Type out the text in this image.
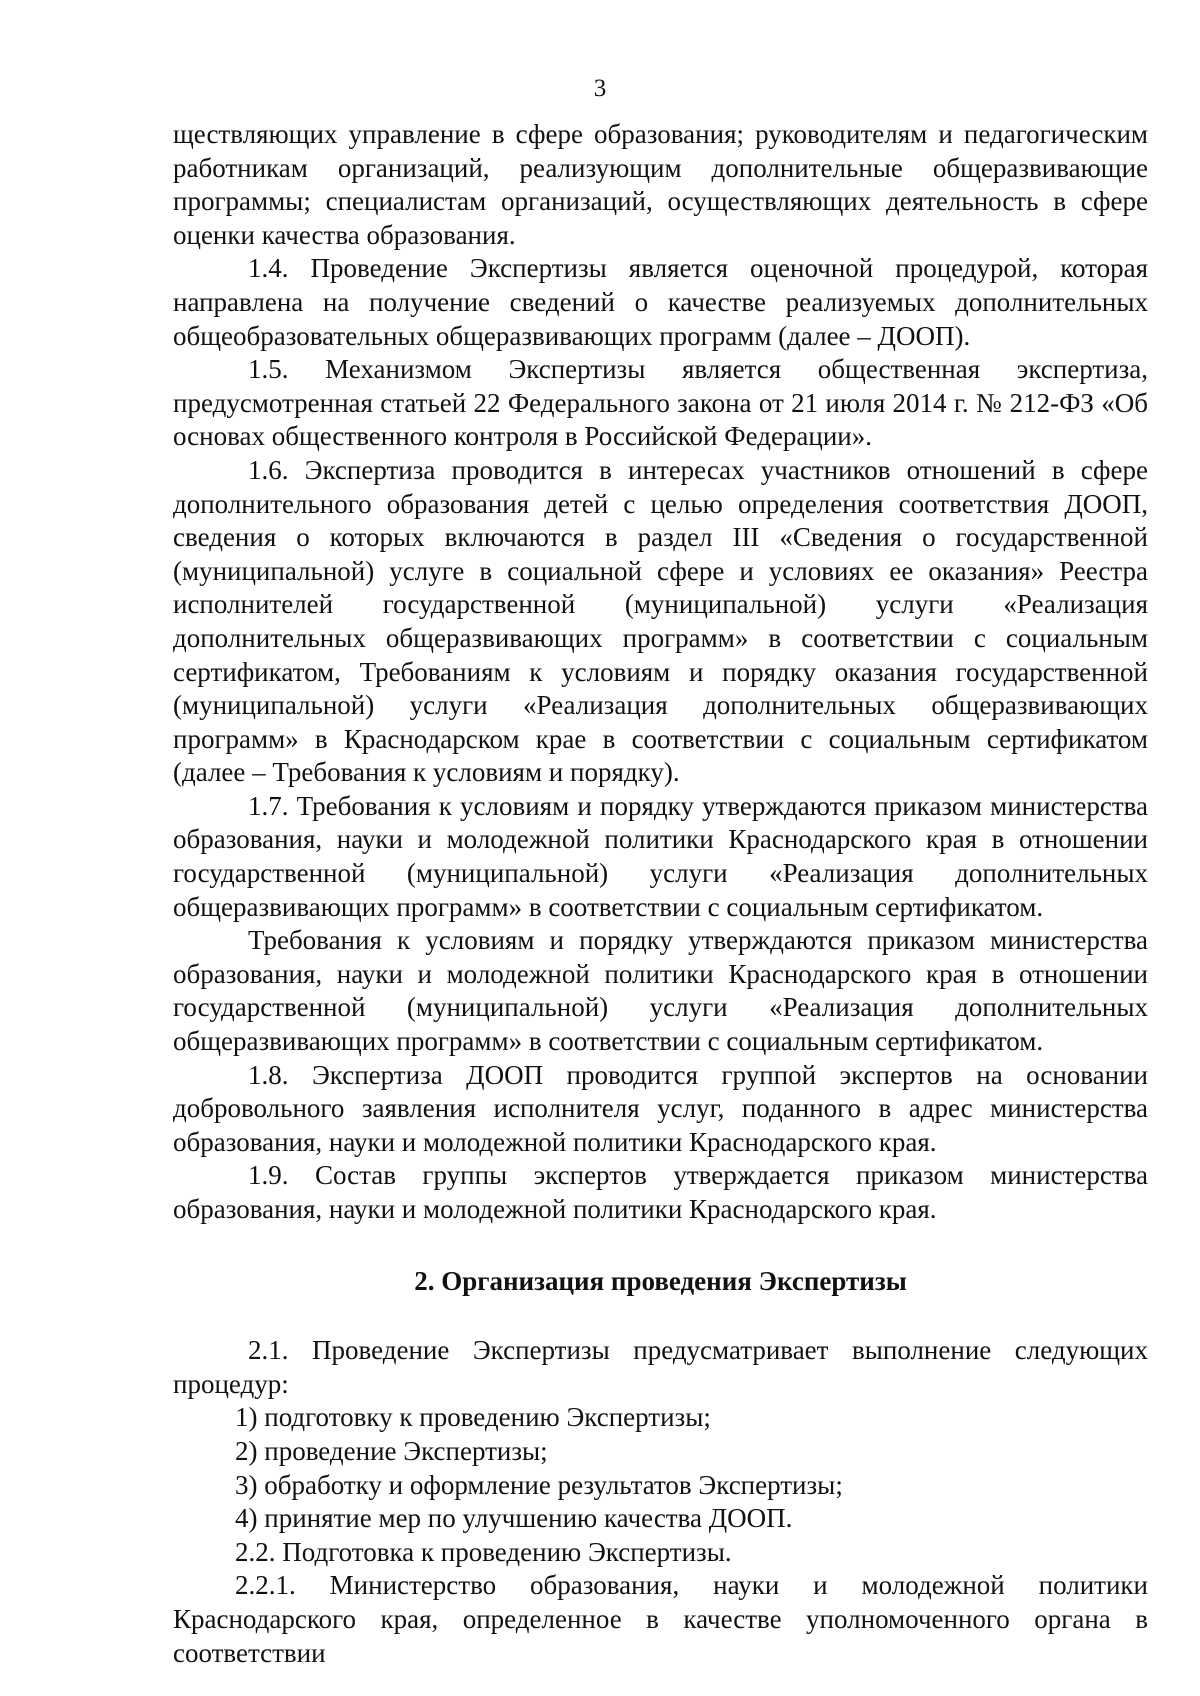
3

ществляющих управление в сфере образования; руководителям и педагогическим работникам организаций, реализующим дополнительные общеразвивающие программы; специалистам организаций, осуществляющих деятельность в сфере оценки качества образования.

1.4. Проведение Экспертизы является оценочной процедурой, которая направлена на получение сведений о качестве реализуемых дополнительных общеобразовательных общеразвивающих программ (далее – ДООП).

1.5. Механизмом Экспертизы является общественная экспертиза, предусмотренная статьей 22 Федерального закона от 21 июля 2014 г. № 212-ФЗ «Об основах общественного контроля в Российской Федерации».

1.6. Экспертиза проводится в интересах участников отношений в сфере дополнительного образования детей с целью определения соответствия ДООП, сведения о которых включаются в раздел III «Сведения о государственной (муниципальной) услуге в социальной сфере и условиях ее оказания» Реестра исполнителей государственной (муниципальной) услуги «Реализация дополнительных общеразвивающих программ» в соответствии с социальным сертификатом, Требованиям к условиям и порядку оказания государственной (муниципальной) услуги «Реализация дополнительных общеразвивающих программ» в Краснодарском крае в соответствии с социальным сертификатом (далее – Требования к условиям и порядку).

1.7. Требования к условиям и порядку утверждаются приказом министерства образования, науки и молодежной политики Краснодарского края в отношении государственной (муниципальной) услуги «Реализация дополнительных общеразвивающих программ» в соответствии с социальным сертификатом.

Требования к условиям и порядку утверждаются приказом министерства образования, науки и молодежной политики Краснодарского края в отношении государственной (муниципальной) услуги «Реализация дополнительных общеразвивающих программ» в соответствии с социальным сертификатом.

1.8. Экспертиза ДООП проводится группой экспертов на основании добровольного заявления исполнителя услуг, поданного в адрес министерства образования, науки и молодежной политики Краснодарского края.

1.9. Состав группы экспертов утверждается приказом министерства образования, науки и молодежной политики Краснодарского края.

2. Организация проведения Экспертизы

2.1. Проведение Экспертизы предусматривает выполнение следующих процедур:

1) подготовку к проведению Экспертизы;

2) проведение Экспертизы;

3) обработку и оформление результатов Экспертизы;

4) принятие мер по улучшению качества ДООП.

2.2. Подготовка к проведению Экспертизы.

2.2.1. Министерство образования, науки и молодежной политики Краснодарского края, определенное в качестве уполномоченного органа в соответствии
